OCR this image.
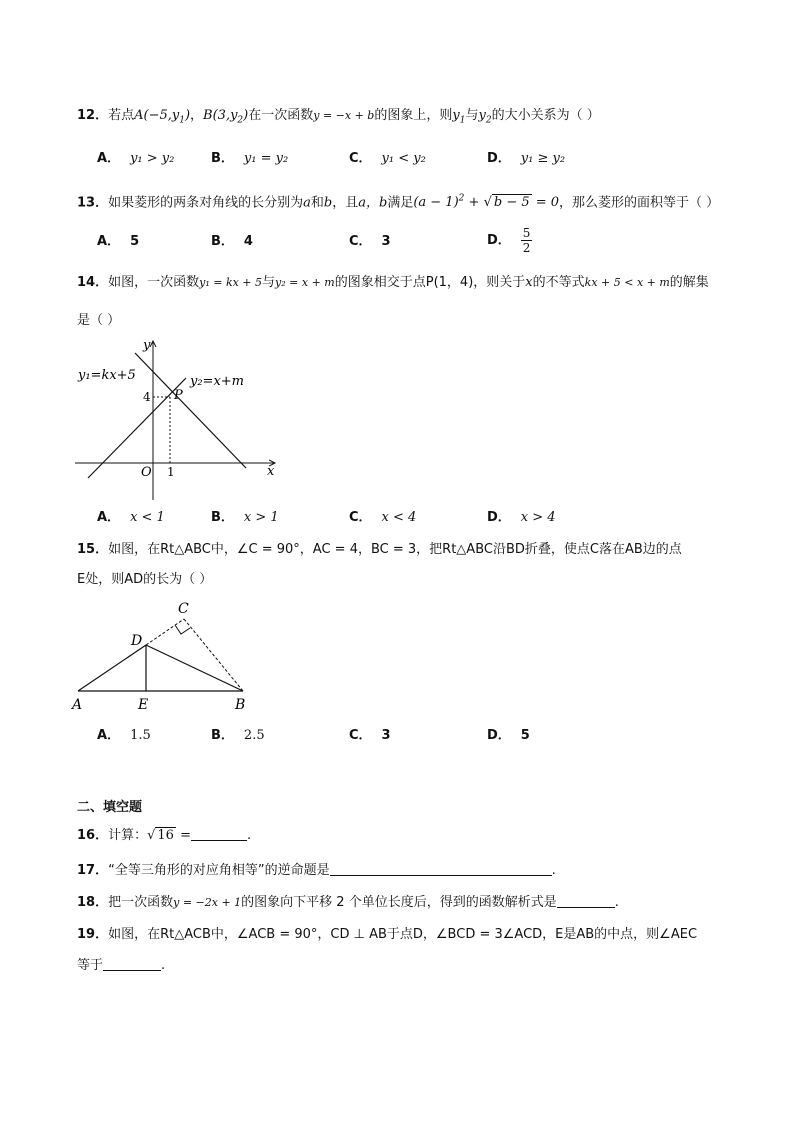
12．若点$A(-5,y_1)$，$B(3,y_2)$在一次函数y = −x + b的图象上，则$y_1$与$y_2$的大小关系为（ ）
A． y₁ > y₂	B． y₁ = y₂	C． y₁ < y₂	D． y₁ ≥ y₂
13．如果菱形的两条对角线的长分别为a和b，且a，b满足$(a - 1)^2$ + √ b − 5 = 0，那么菱形的面积等于（ ）
A． 5	B． 4	C． 3	D． $\frac{5}{2}$
14．如图，一次函数y₁ = kx + 5与y₂ = x + m的图象相交于点P(1，4)，则关于x的不等式kx + 5 < x + m的解集
是（ ）
y₁=kx+5	y₂=x+m
y
x
O 1
4 P
A． x < 1	B． x > 1	C． x < 4	D． x > 4
15．如图，在Rt△ABC中，∠C = 90°，AC = 4，BC = 3，把Rt△ABC沿BD折叠，使点C落在AB边的点
E处，则AD的长为（ ）
A	E	B
C
D
A． 1.5	B． 2.5	C． 3	D． 5
二、填空题
16．计算：√ 16 =	.
17．“全等三角形的对应角相等”的逆命题是	.
18．把一次函数y = −2x + 1的图象向下平移 2 个单位长度后，得到的函数解析式是	.
19．如图，在Rt△ACB中，∠ACB = 90°，CD ⊥ AB于点D，∠BCD = 3∠ACD，E是AB的中点，则∠AEC
等于	.
